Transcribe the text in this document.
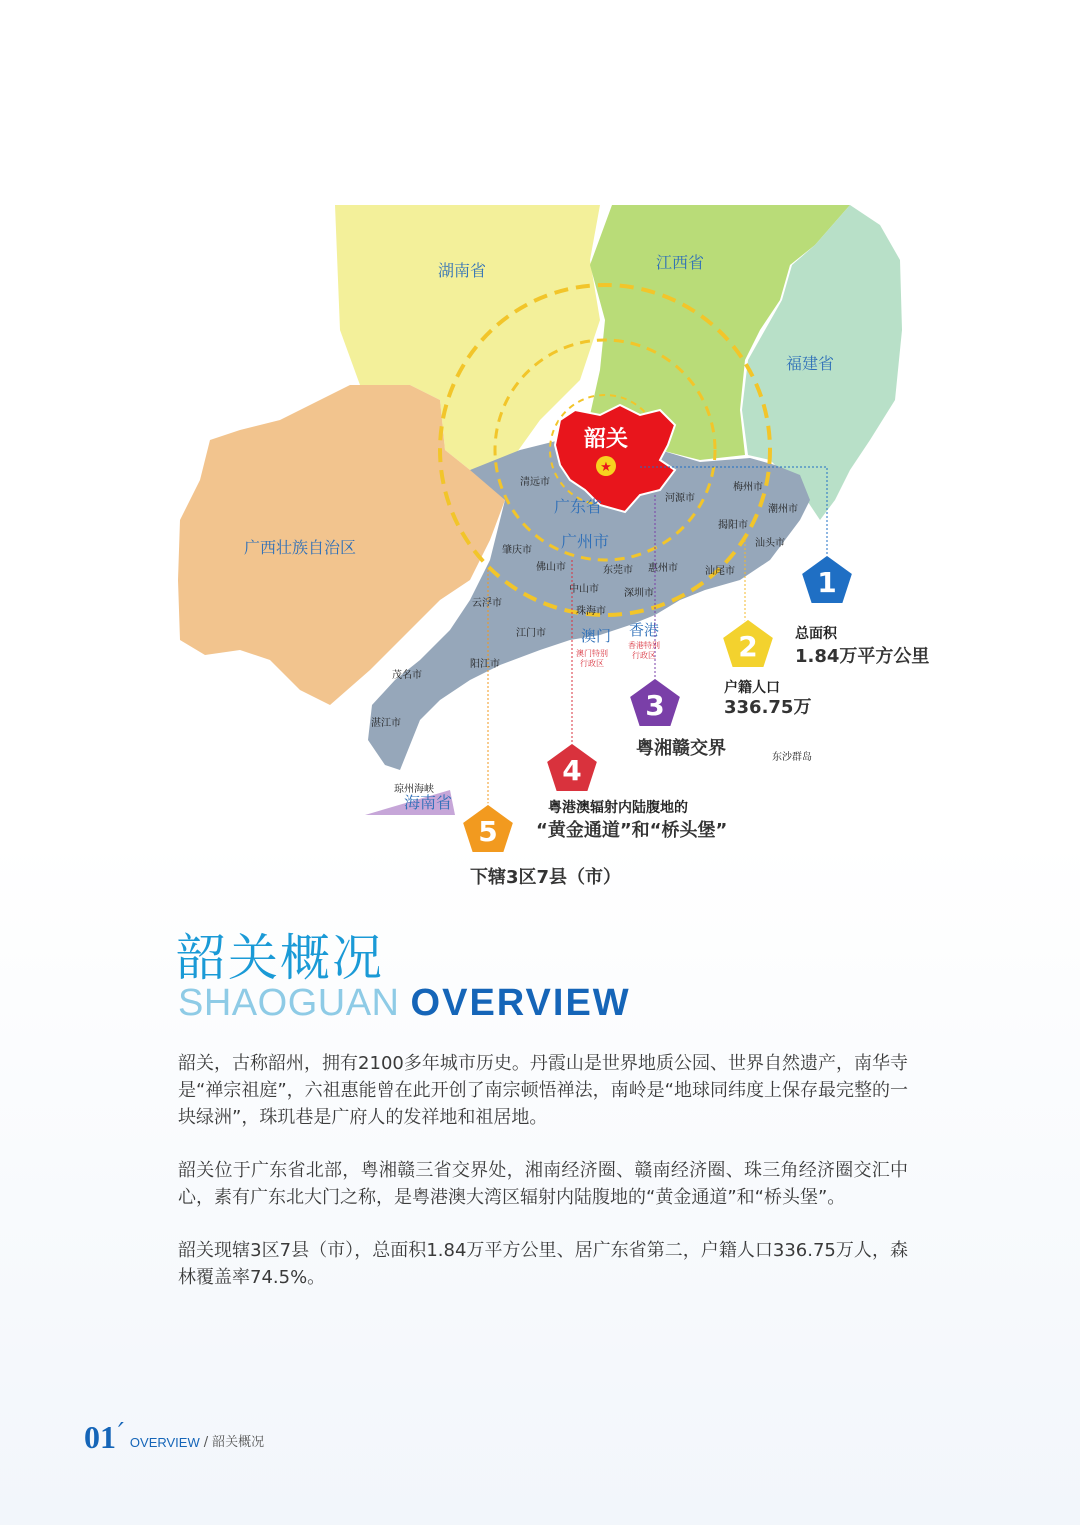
★
韶关
湖南省	江西省
福建省
广西壮族自治区
广东省
广州市
海南省
琼州海峡
澳门
澳门特别
行政区
香港
香港特别
行政区
清远市
河源市
梅州市
潮州市
揭阳市
汕头市
汕尾市
肇庆市
佛山市	东莞市 惠州市
中山市	深圳市
云浮市
珠海市
江门市
阳江市
茂名市
湛江市
东沙群岛
1
2
3
4
5
总面积
1.84万平方公里
户籍人口
336.75万
粤湘赣交界
粤港澳辐射内陆腹地的
“黄金通道”和“桥头堡”
下辖3区7县（市）
韶关概况
SHAOGUAN OVERVIEW

韶关，古称韶州，拥有2100多年城市历史。丹霞山是世界地质公园、世界自然遗产，南华寺是“禅宗祖庭”，六祖惠能曾在此开创了南宗顿悟禅法，南岭是“地球同纬度上保存最完整的一块绿洲”，珠玑巷是广府人的发祥地和祖居地。

韶关位于广东省北部，粤湘赣三省交界处，湘南经济圈、赣南经济圈、珠三角经济圈交汇中心，素有广东北大门之称，是粤港澳大湾区辐射内陆腹地的“黄金通道”和“桥头堡”。

韶关现辖3区7县（市），总面积1.84万平方公里、居广东省第二，户籍人口336.75万人，森林覆盖率74.5%。

01 ′ OVERVIEW / 韶关概况
